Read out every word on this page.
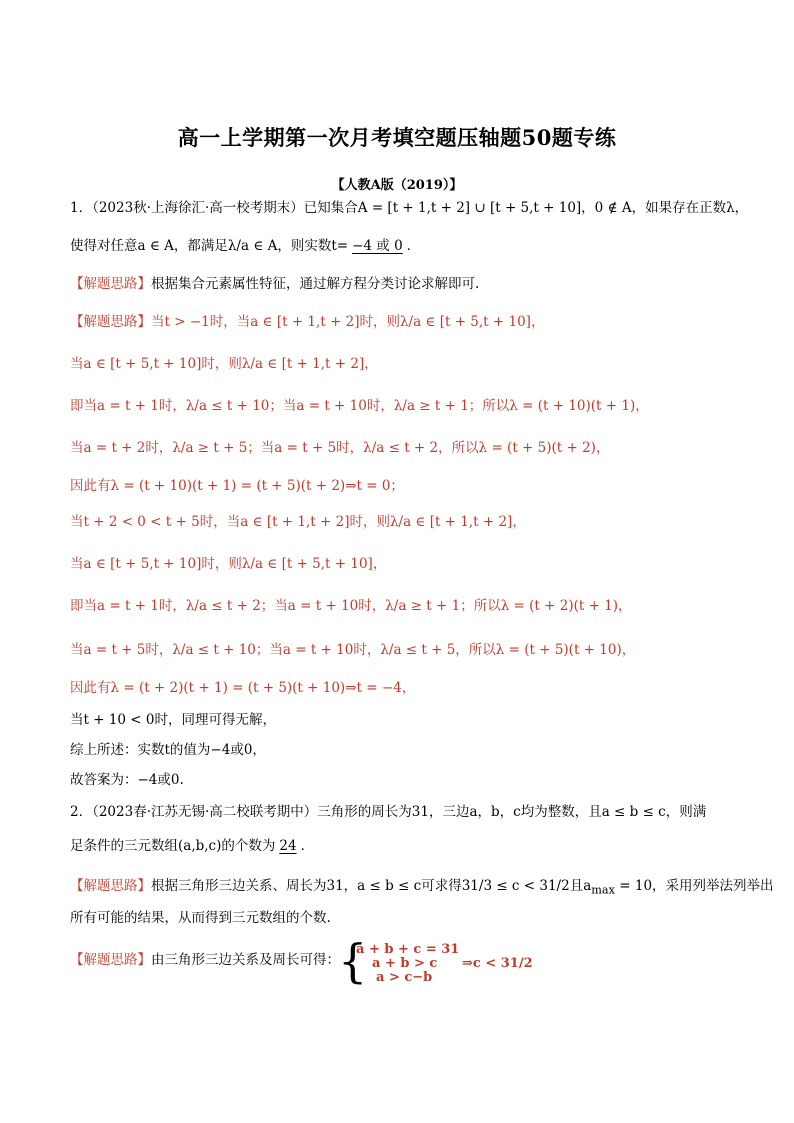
高一上学期第一次月考填空题压轴题50题专练
【人教A版（2019）】
1．（2023秋·上海徐汇·高一校考期末）已知集合A = [t + 1,t + 2] ∪ [t + 5,t + 10]，0 ∉ A，如果存在正数λ，
使得对任意a ∈ A，都满足λ/a ∈ A，则实数t= −4 或 0 ．
【解题思路】根据集合元素属性特征，通过解方程分类讨论求解即可.
【解题思路】当t > −1时，当a ∈ [t + 1,t + 2]时，则λ/a ∈ [t + 5,t + 10]，
当a ∈ [t + 5,t + 10]时，则λ/a ∈ [t + 1,t + 2]，
即当a = t + 1时，λ/a ≤ t + 10；当a = t + 10时，λ/a ≥ t + 1；所以λ = (t + 10)(t + 1)，
当a = t + 2时，λ/a ≥ t + 5；当a = t + 5时，λ/a ≤ t + 2，所以λ = (t + 5)(t + 2)，
因此有λ = (t + 10)(t + 1) = (t + 5)(t + 2)⇒t = 0；
当t + 2 < 0 < t + 5时，当a ∈ [t + 1,t + 2]时，则λ/a ∈ [t + 1,t + 2]，
当a ∈ [t + 5,t + 10]时，则λ/a ∈ [t + 5,t + 10]，
即当a = t + 1时，λ/a ≤ t + 2；当a = t + 10时，λ/a ≥ t + 1；所以λ = (t + 2)(t + 1)，
当a = t + 5时，λ/a ≤ t + 10；当a = t + 10时，λ/a ≤ t + 5，所以λ = (t + 5)(t + 10)，
因此有λ = (t + 2)(t + 1) = (t + 5)(t + 10)⇒t = −4，
当t + 10 < 0时，同理可得无解，
综上所述：实数t的值为−4或0，
故答案为：−4或0.
2．（2023春·江苏无锡·高二校联考期中）三角形的周长为31，三边a，b，c均为整数，且a ≤ b ≤ c，则满
足条件的三元数组(a,b,c)的个数为 24 ．
【解题思路】根据三角形三边关系、周长为31，a ≤ b ≤ c可求得31/3 ≤ c < 31/2且$a_{max} = 10$，采用列举法列举出
所有可能的结果，从而得到三元数组的个数.
【解题思路】由三角形三边关系及周长可得：
{
a + b + c = 31
a + b > c
a > c−b
⇒c < 31/2
